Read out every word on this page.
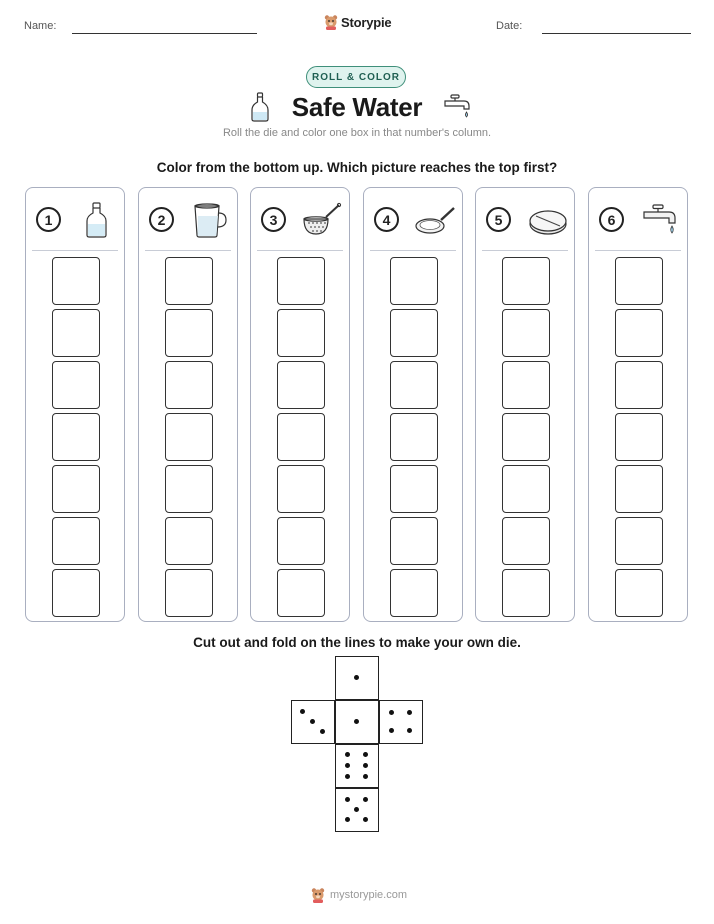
Name:	Storypie	Date:
ROLL & COLOR
Safe Water
Roll the die and color one box in that number's column.
Color from the bottom up. Which picture reaches the top first?
1	2	3	4	5	6
Cut out and fold on the lines to make your own die.
mystorypie.com
